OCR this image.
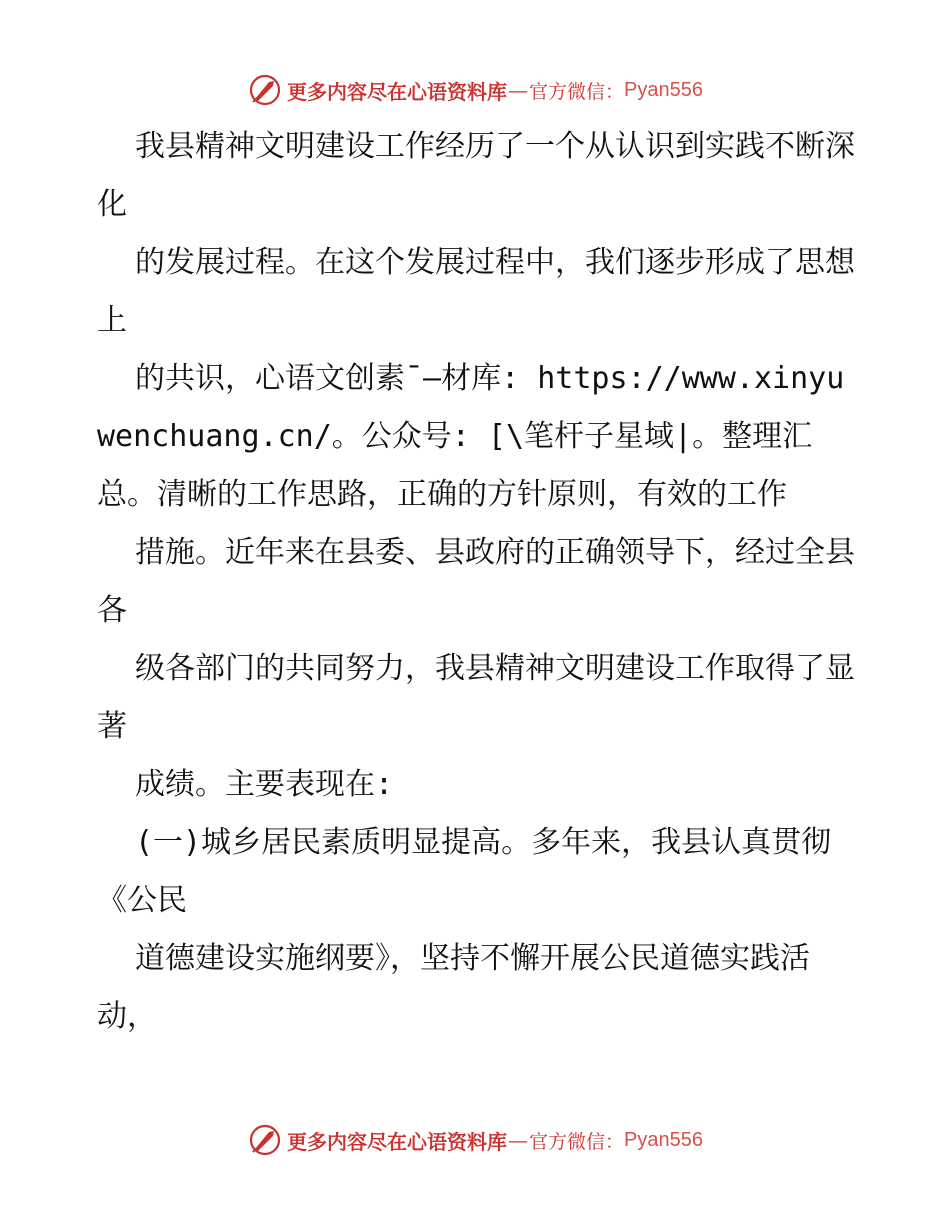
更多内容尽在心语资料库 — 官方微信： Pyan556

我县精神文明建设工作经历了一个从认识到实践不断深化

的发展过程。在这个发展过程中，我们逐步形成了思想上

的共识，心语文创素¯—材库: https://www.xinyuwenchuang.cn/。公众号: [\笔杆子星域|。整理汇总。清晰的工作思路，正确的方针原则，有效的工作

措施。近年来在县委、县政府的正确领导下，经过全县各

级各部门的共同努力，我县精神文明建设工作取得了显著

成绩。主要表现在:

(一)城乡居民素质明显提高。多年来，我县认真贯彻《公民

道德建设实施纲要》，坚持不懈开展公民道德实践活动，

更多内容尽在心语资料库 — 官方微信： Pyan556
